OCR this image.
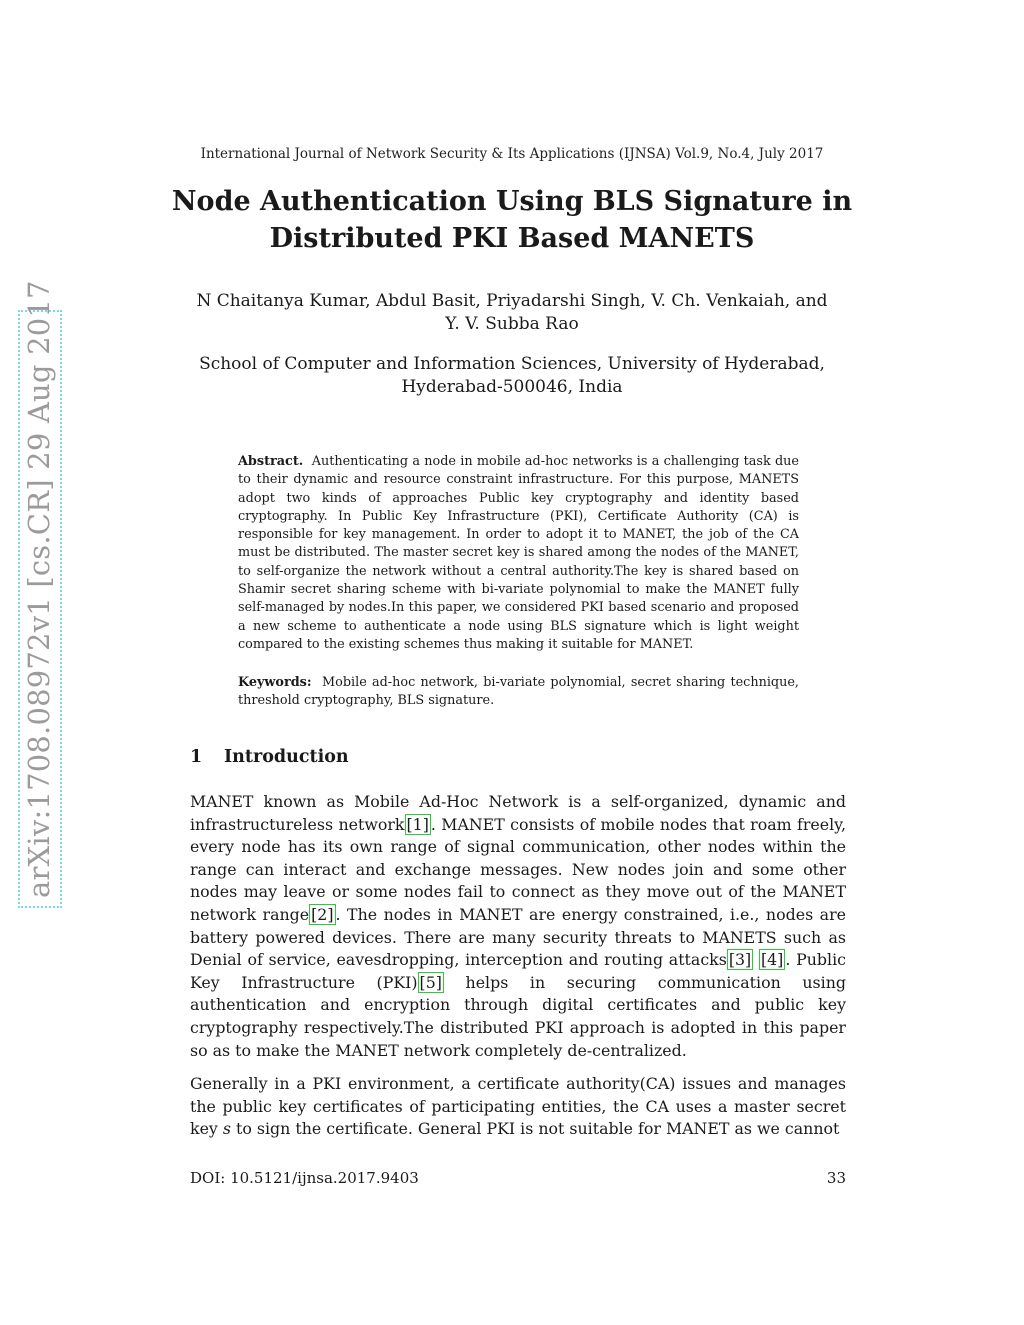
arXiv:1708.08972v1 [cs.CR] 29 Aug 2017
International Journal of Network Security & Its Applications (IJNSA) Vol.9, No.4, July 2017
Node Authentication Using BLS Signature in
Distributed PKI Based MANETS
N Chaitanya Kumar, Abdul Basit, Priyadarshi Singh, V. Ch. Venkaiah, and
Y. V. Subba Rao
School of Computer and Information Sciences, University of Hyderabad,
Hyderabad-500046, India
Abstract. Authenticating a node in mobile ad-hoc networks is a challenging task due to their dynamic and resource constraint infrastructure. For this purpose, MANETS adopt two kinds of approaches Public key cryptography and identity based cryptography. In Public Key Infrastructure (PKI), Certificate Authority (CA) is responsible for key management. In order to adopt it to MANET, the job of the CA must be distributed. The master secret key is shared among the nodes of the MANET, to self-organize the network without a central authority.The key is shared based on Shamir secret sharing scheme with bi-variate polynomial to make the MANET fully self-managed by nodes.In this paper, we considered PKI based scenario and proposed a new scheme to authenticate a node using BLS signature which is light weight compared to the existing schemes thus making it suitable for MANET.
Keywords: Mobile ad-hoc network, bi-variate polynomial, secret sharing technique, threshold cryptography, BLS signature.
1 Introduction
MANET known as Mobile Ad-Hoc Network is a self-organized, dynamic and infrastructureless network [1] . MANET consists of mobile nodes that roam freely, every node has its own range of signal communication, other nodes within the range can interact and exchange messages. New nodes join and some other nodes may leave or some nodes fail to connect as they move out of the MANET network range [2] . The nodes in MANET are energy constrained, i.e., nodes are battery powered devices. There are many security threats to MANETS such as Denial of service, eavesdropping, interception and routing attacks [3] [4] . Public Key Infrastructure (PKI) [5] helps in securing communication using authentication and encryption through digital certificates and public key cryptography respectively.The distributed PKI approach is adopted in this paper so as to make the MANET network completely de-centralized.
Generally in a PKI environment, a certificate authority(CA) issues and manages the public key certificates of participating entities, the CA uses a master secret key s to sign the certificate. General PKI is not suitable for MANET as we cannot
DOI: 10.5121/ijnsa.2017.9403	33
